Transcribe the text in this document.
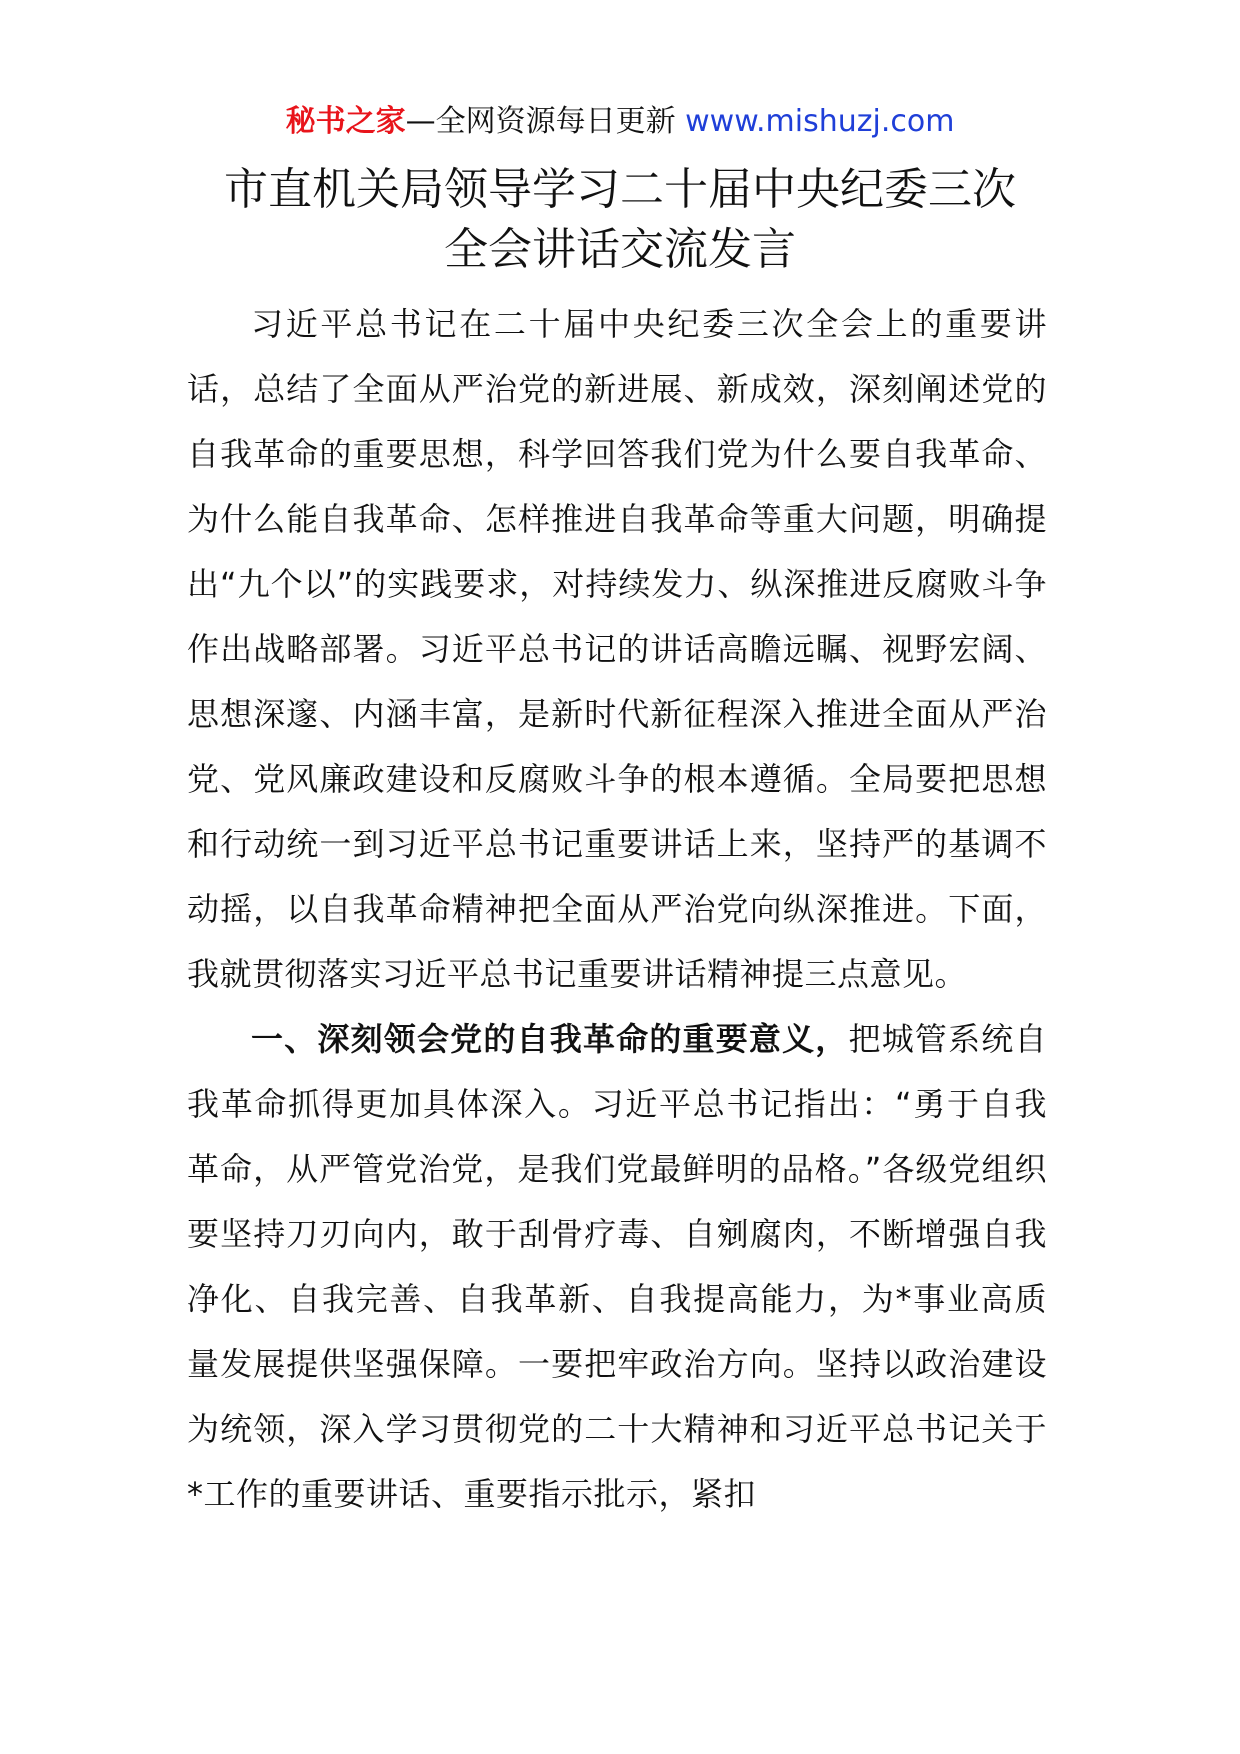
秘书之家—全网资源每日更新 www.mishuzj.com
市直机关局领导学习二十届中央纪委三次
全会讲话交流发言

习近平总书记在二十届中央纪委三次全会上的重要讲话，总结了全面从严治党的新进展、新成效，深刻阐述党的自我革命的重要思想，科学回答我们党为什么要自我革命、为什么能自我革命、怎样推进自我革命等重大问题，明确提出“九个以”的实践要求，对持续发力、纵深推进反腐败斗争作出战略部署。习近平总书记的讲话高瞻远瞩、视野宏阔、思想深邃、内涵丰富，是新时代新征程深入推进全面从严治党、党风廉政建设和反腐败斗争的根本遵循。全局要把思想和行动统一到习近平总书记重要讲话上来，坚持严的基调不动摇，以自我革命精神把全面从严治党向纵深推进。下面，我就贯彻落实习近平总书记重要讲话精神提三点意见。

一、深刻领会党的自我革命的重要意义，把城管系统自我革命抓得更加具体深入。习近平总书记指出：“勇于自我革命，从严管党治党，是我们党最鲜明的品格。”各级党组织要坚持刀刃向内，敢于刮骨疗毒、自剜腐肉，不断增强自我净化、自我完善、自我革新、自我提高能力，为*事业高质量发展提供坚强保障。一要把牢政治方向。坚持以政治建设为统领，深入学习贯彻党的二十大精神和习近平总书记关于*工作的重要讲话、重要指示批示，紧扣
